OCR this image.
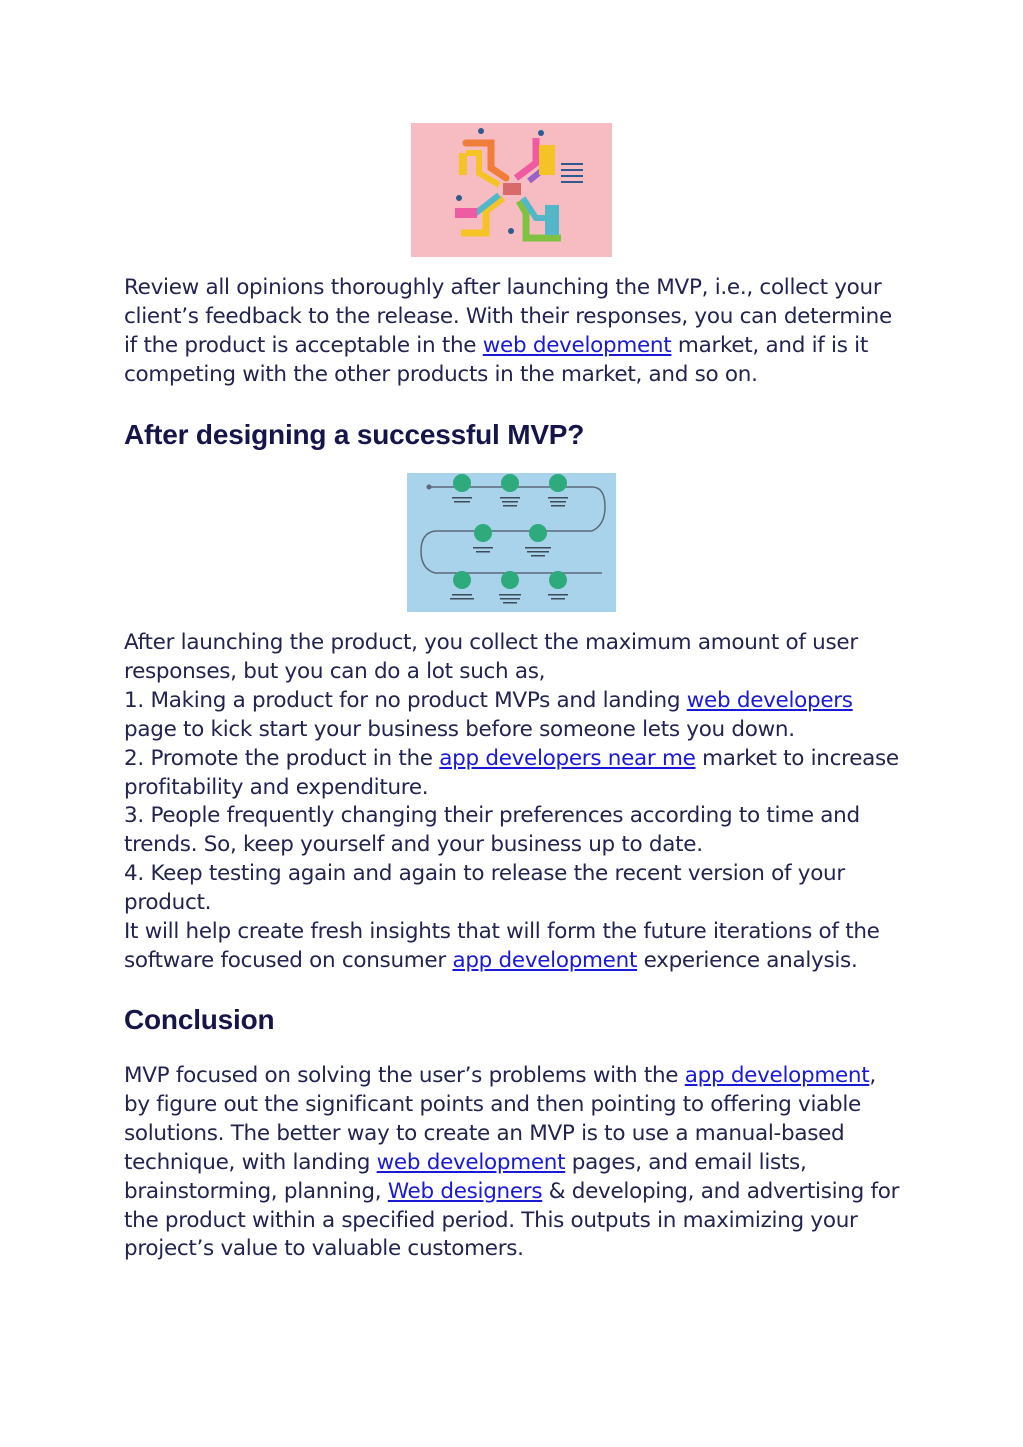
Review all opinions thoroughly after launching the MVP, i.e., collect your client’s feedback to the release. With their responses, you can determine if the product is acceptable in the web development market, and if is it competing with the other products in the market, and so on.

After designing a successful MVP?

After launching the product, you collect the maximum amount of user responses, but you can do a lot such as,
1. Making a product for no product MVPs and landing web developers page to kick start your business before someone lets you down.
2. Promote the product in the app developers near me market to increase profitability and expenditure.
3. People frequently changing their preferences according to time and trends. So, keep yourself and your business up to date.
4. Keep testing again and again to release the recent version of your product.
It will help create fresh insights that will form the future iterations of the software focused on consumer app development experience analysis.

Conclusion

MVP focused on solving the user’s problems with the app development, by figure out the significant points and then pointing to offering viable solutions. The better way to create an MVP is to use a manual-based technique, with landing web development pages, and email lists, brainstorming, planning, Web designers & developing, and advertising for the product within a specified period. This outputs in maximizing your project’s value to valuable customers.
